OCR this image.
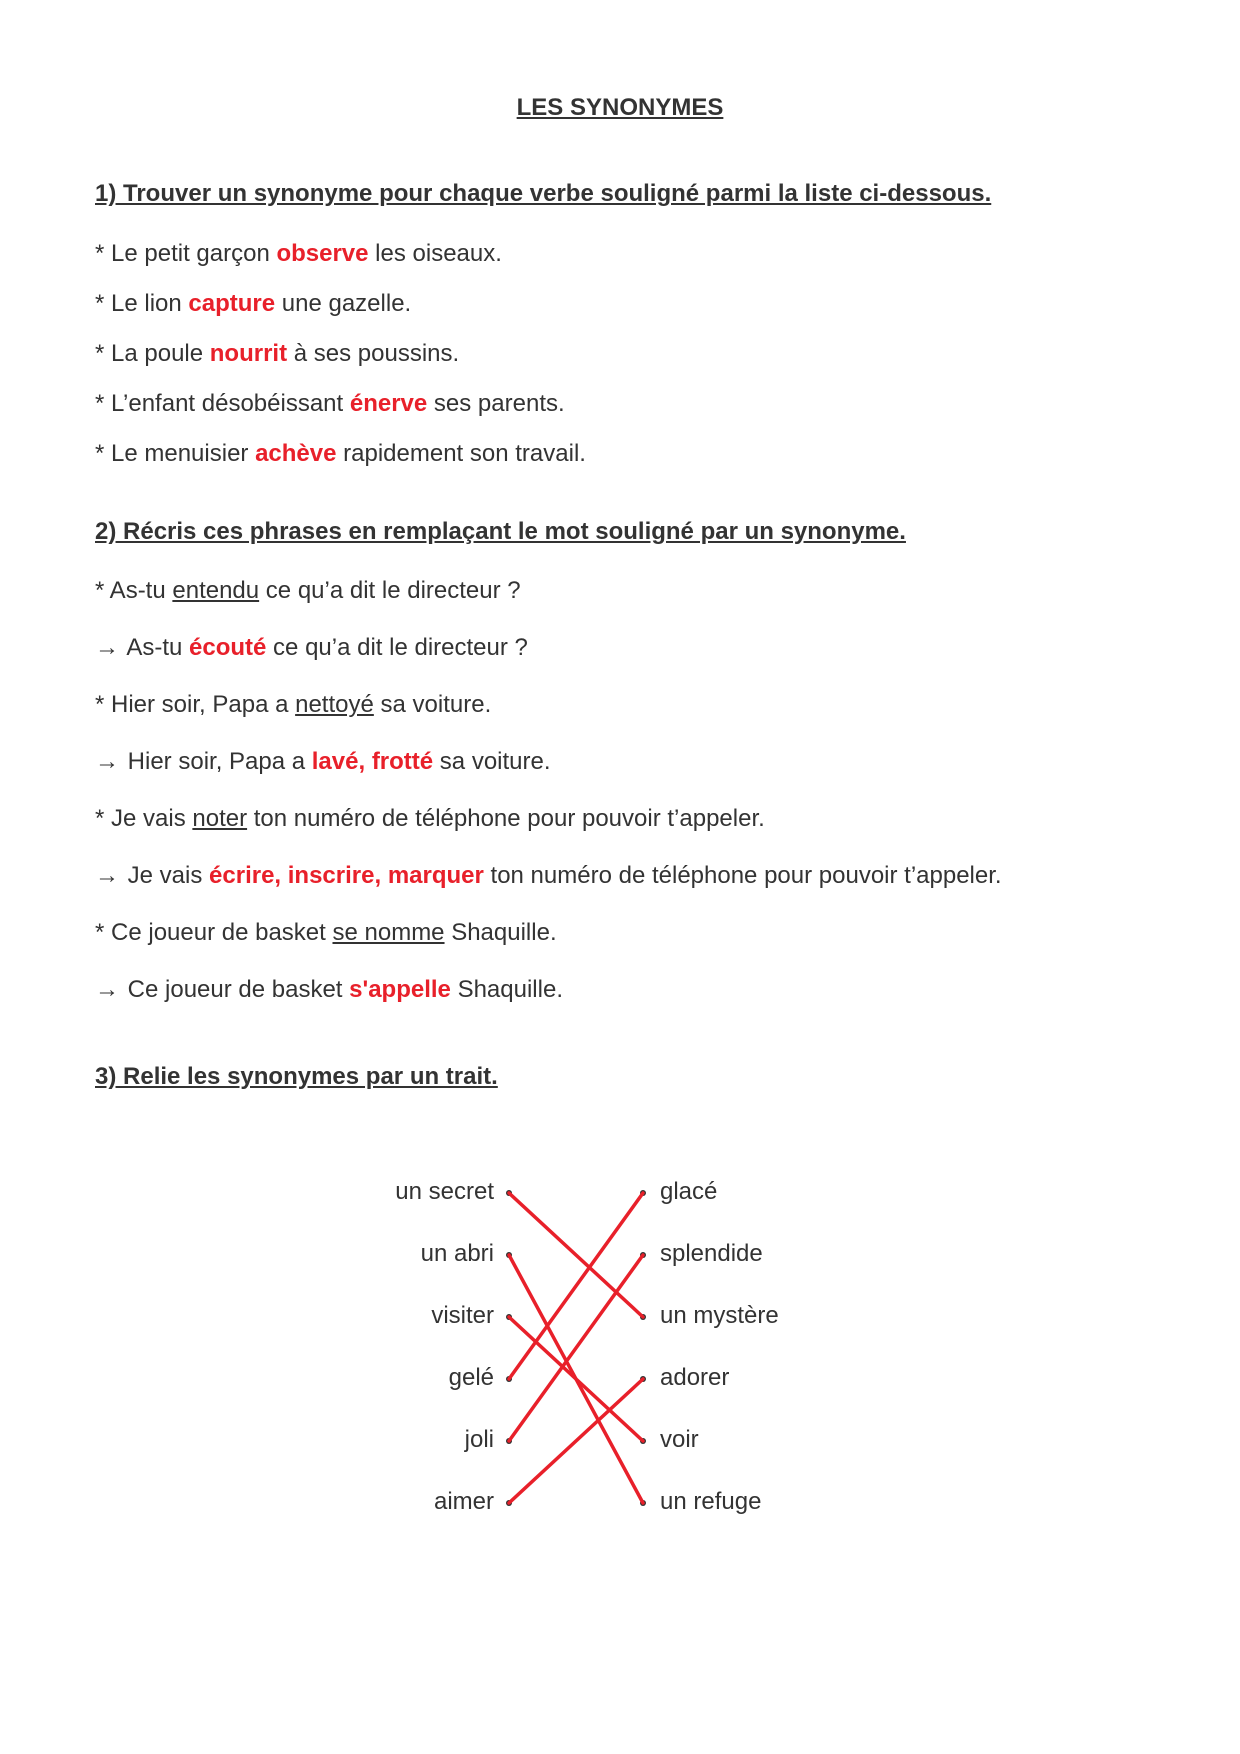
LES SYNONYMES
1) Trouver un synonyme pour chaque verbe souligné parmi la liste ci-dessous.
* Le petit garçon observe les oiseaux.
* Le lion capture une gazelle.
* La poule nourrit à ses poussins.
* L’enfant désobéissant énerve ses parents.
* Le menuisier achève rapidement son travail.
2) Récris ces phrases en remplaçant le mot souligné par un synonyme.
* As-tu entendu ce qu’a dit le directeur ?
→ As-tu écouté ce qu’a dit le directeur ?
* Hier soir, Papa a nettoyé sa voiture.
→ Hier soir, Papa a lavé, frotté sa voiture.
* Je vais noter ton numéro de téléphone pour pouvoir t’appeler.
→ Je vais écrire, inscrire, marquer ton numéro de téléphone pour pouvoir t’appeler.
* Ce joueur de basket se nomme Shaquille.
→ Ce joueur de basket s'appelle Shaquille.
3) Relie les synonymes par un trait.
un secret
un abri
visiter
gelé
joli
aimer
glacé
splendide
un mystère
adorer
voir
un refuge
